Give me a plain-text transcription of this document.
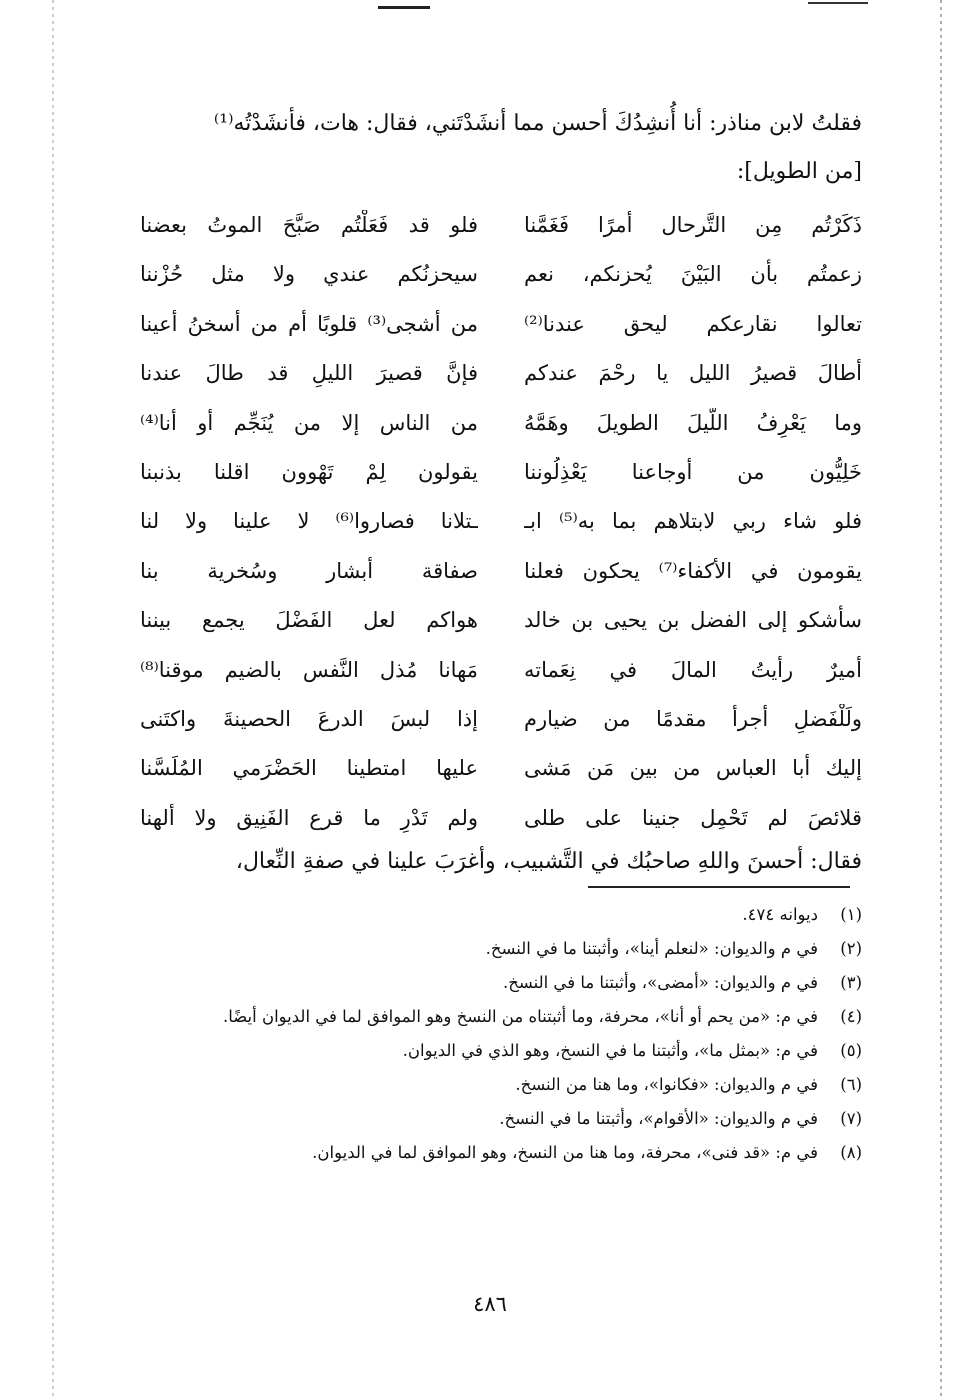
فقلتُ لابن مناذر: أنا أُنشِدُكَ أحسن مما أنشَدْتَني، فقال: هات، فأنشَدْتُه⁽¹⁾
[من الطويل]:
ذَكَرْتُم مِن التَّرحال أمرًا فَغَمَّنا
فلو قد فَعَلْتُم صَبَّحَ الموتُ بعضنا
زعمتُم بأن البَيْنَ يُحزنكم، نعم
سيحزنُكم عندي ولا مثل حُزْننا
تعالوا نقارعكم ليحق عندنا⁽²⁾
من أشجى⁽³⁾ قلوبًا أم من أسخنُ أعينا
أطالَ قصيرُ الليل يا رحْمَ عندكم
فإنَّ قصيرَ الليلِ قد طالَ عندنا
وما يَعْرِفُ اللَّيلَ الطويلَ وهَمَّهُ
من الناس إلا من يُنَجِّم أو أنا⁽⁴⁾
خَلِيُّون من أوجاعنا يَعْذِلُوننا
يقولون لِمْ تَهْوون اقلنا بذنبنا
فلو شاء ربي لابتلاهم بما به⁽⁵⁾ ابـ
ـتلانا فصاروا⁽⁶⁾ لا علينا ولا لنا
يقومون في الأكفاء⁽⁷⁾ يحكون فعلنا
صفاقة أبشار وسُخرية بنا
سأشكو إلى الفضل بن يحيى بن خالد
هواكم لعل الفَضْلَ يجمع بيننا
أميرٌ رأيتُ المالَ في نِعَماته
مَهانا مُذل النَّفس بالضيم موقنا⁽⁸⁾
ولَلْفَضلِ أجرأ مقدمًا من ضيارم
إذا لبسَ الدرعَ الحصينةَ واكتَنى
إليك أبا العباس من بين مَن مَشى
عليها امتطينا الحَضْرَمي المُلَسَّنا
قلائصَ لم تَحْمِل جنينا على طلى
ولم تَدْرِ ما قرع الفَنِيق ولا ألهنا
فقال: أحسنَ واللهِ صاحبُك في التَّشبيب، وأغرَبَ علينا في صفةِ النِّعال،
(١)
ديوانه ٤٧٤.
(٢)
في م والديوان: «لنعلم أينا»، وأثبتنا ما في النسخ.
(٣)
في م والديوان: «أمضى»، وأثبتنا ما في النسخ.
(٤)
في م: «من يحم أو أنا»، محرفة، وما أثبتناه من النسخ وهو الموافق لما في الديوان أيضًا.
(٥)
في م: «بمثل ما»، وأثبتنا ما في النسخ، وهو الذي في الديوان.
(٦)
في م والديوان: «فكانوا»، وما هنا من النسخ.
(٧)
في م والديوان: «الأقوام»، وأثبتنا ما في النسخ.
(٨)
في م: «قد فنى»، محرفة، وما هنا من النسخ، وهو الموافق لما في الديوان.
٤٨٦
